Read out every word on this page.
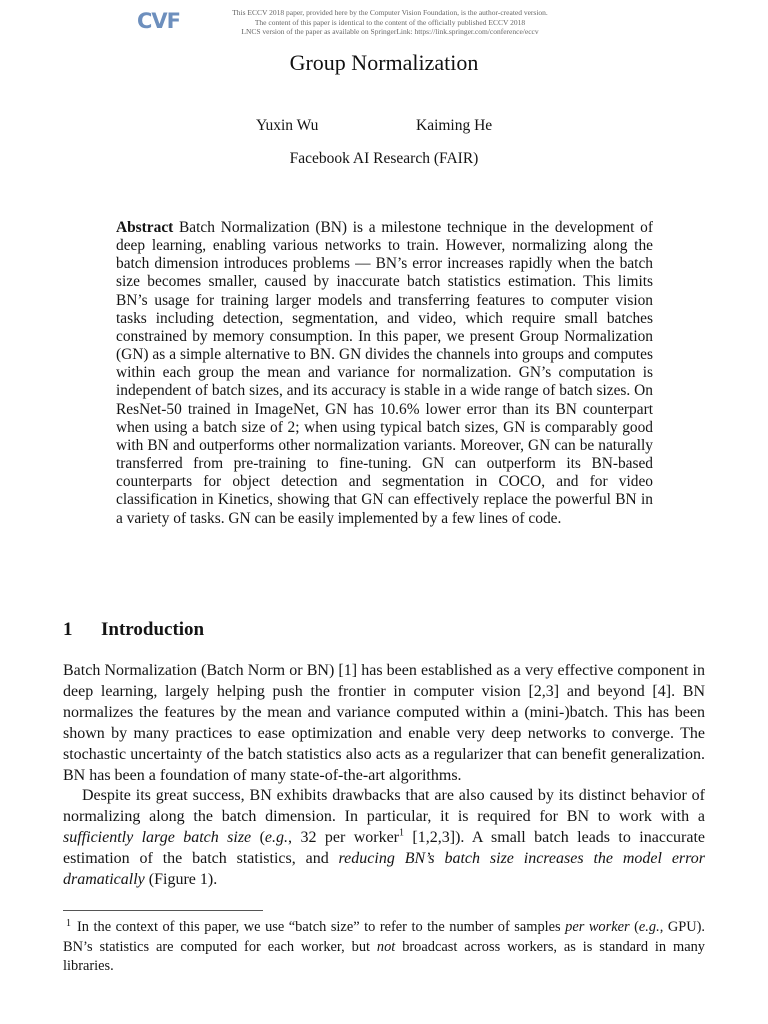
CVF	This ECCV 2018 paper, provided here by the Computer Vision Foundation, is the author-created version.
The content of this paper is identical to the content of the officially published ECCV 2018
LNCS version of the paper as available on SpringerLink: https://link.springer.com/conference/eccv
Group Normalization
Yuxin Wu	Kaiming He
Facebook AI Research (FAIR)
Abstract Batch Normalization (BN) is a milestone technique in the development of deep learning, enabling various networks to train. However, normalizing along the batch dimension introduces problems — BN’s error increases rapidly when the batch size becomes smaller, caused by inaccurate batch statistics estimation. This limits BN’s usage for training larger models and transferring features to computer vision tasks including detection, segmentation, and video, which require small batches constrained by memory consumption. In this paper, we present Group Normalization (GN) as a simple alternative to BN. GN divides the channels into groups and computes within each group the mean and variance for normalization. GN’s computation is independent of batch sizes, and its accuracy is stable in a wide range of batch sizes. On ResNet-50 trained in ImageNet, GN has 10.6% lower error than its BN counterpart when using a batch size of 2; when using typical batch sizes, GN is comparably good with BN and outperforms other normalization variants. Moreover, GN can be naturally transferred from pre-training to fine-tuning. GN can outperform its BN-based counterparts for object detection and segmentation in COCO, and for video classification in Kinetics, showing that GN can effectively replace the powerful BN in a variety of tasks. GN can be easily implemented by a few lines of code.
1 Introduction

Batch Normalization (Batch Norm or BN) [1] has been established as a very effective component in deep learning, largely helping push the frontier in computer vision [2,3] and beyond [4]. BN normalizes the features by the mean and variance computed within a (mini-)batch. This has been shown by many practices to ease optimization and enable very deep networks to converge. The stochastic uncertainty of the batch statistics also acts as a regularizer that can benefit generalization. BN has been a foundation of many state-of-the-art algorithms.

Despite its great success, BN exhibits drawbacks that are also caused by its distinct behavior of normalizing along the batch dimension. In particular, it is required for BN to work with a sufficiently large batch size (e.g., 32 per worker$^1$ [1,2,3]). A small batch leads to inaccurate estimation of the batch statistics, and reducing BN’s batch size increases the model error dramatically (Figure 1).

$^1$ In the context of this paper, we use “batch size” to refer to the number of samples per worker (e.g., GPU). BN’s statistics are computed for each worker, but not broadcast across workers, as is standard in many libraries.
